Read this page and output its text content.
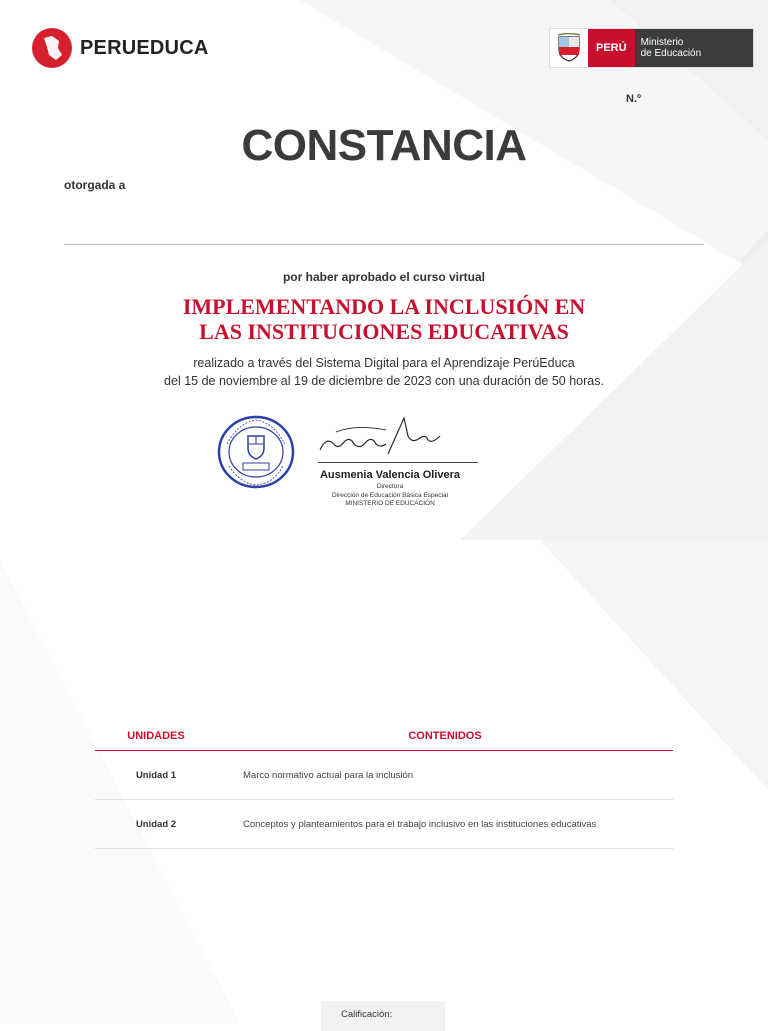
PERUEDUCA	PERÚ	Ministerio
de Educación
N.º
CONSTANCIA
otorgada a
por haber aprobado el curso virtual
IMPLEMENTANDO LA INCLUSIÓN EN
LAS INSTITUCIONES EDUCATIVAS
realizado a través del Sistema Digital para el Aprendizaje PerúEduca
del 15 de noviembre al 19 de diciembre de 2023 con una duración de 50 horas.
Ausmenia Valencia Olivera
Directora
Dirección de Educación Básica Especial
MINISTERIO DE EDUCACIÓN
UNIDADES	CONTENIDOS
Unidad 1	Marco normativo actual para la inclusión
Unidad 2	Conceptos y planteamientos para el trabajo inclusivo en las instituciones educativas
Calificación:
